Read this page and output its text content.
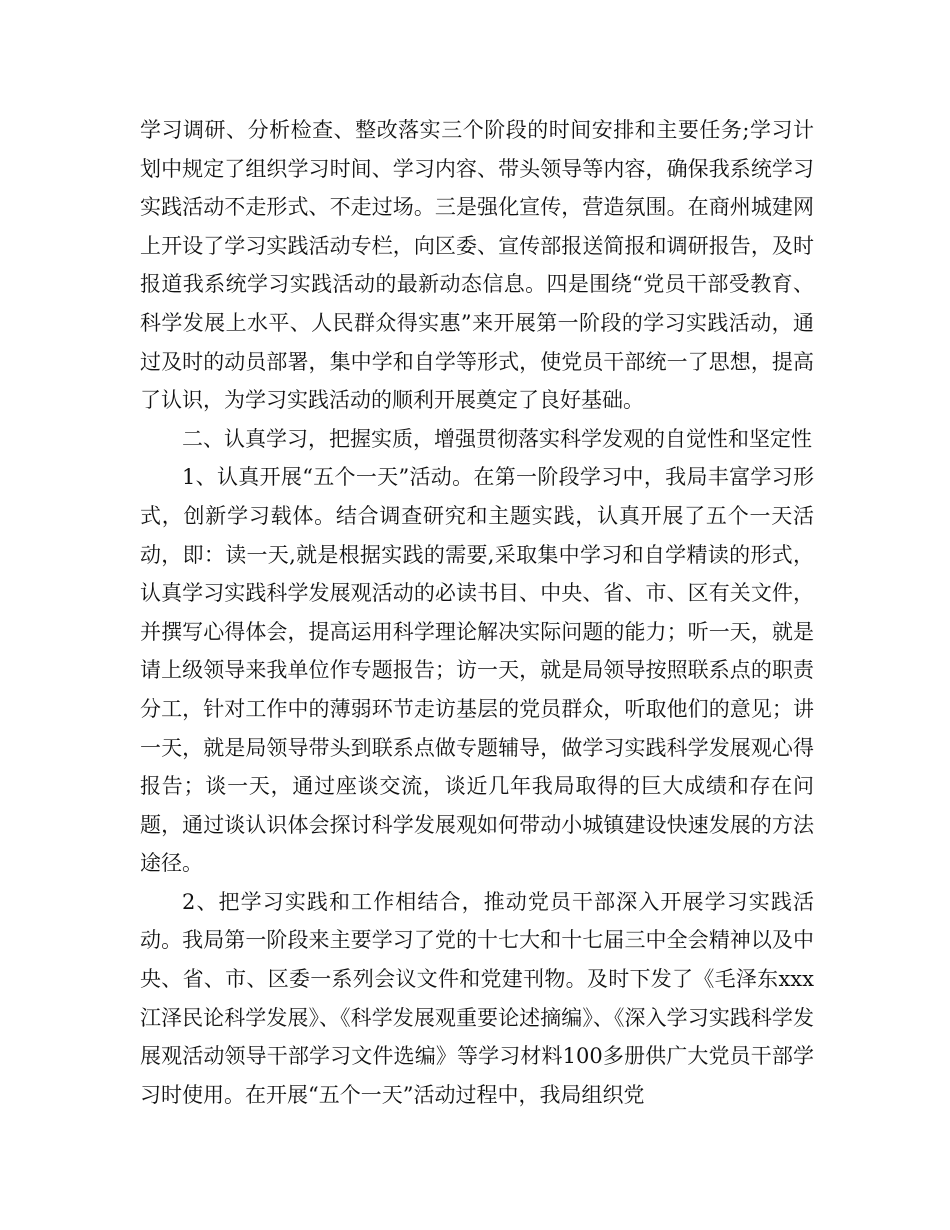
学习调研、分析检查、整改落实三个阶段的时间安排和主要任务;学习计划中规定了组织学习时间、学习内容、带头领导等内容，确保我系统学习实践活动不走形式、不走过场。三是强化宣传，营造氛围。在商州城建网上开设了学习实践活动专栏，向区委、宣传部报送简报和调研报告，及时报道我系统学习实践活动的最新动态信息。四是围绕“党员干部受教育、科学发展上水平、人民群众得实惠”来开展第一阶段的学习实践活动，通过及时的动员部署，集中学和自学等形式，使党员干部统一了思想，提高了认识，为学习实践活动的顺利开展奠定了良好基础。

二、认真学习，把握实质，增强贯彻落实科学发观的自觉性和坚定性

1、认真开展“五个一天”活动。在第一阶段学习中，我局丰富学习形式，创新学习载体。结合调查研究和主题实践，认真开展了五个一天活动，即：读一天,就是根据实践的需要,采取集中学习和自学精读的形式，认真学习实践科学发展观活动的必读书目、中央、省、市、区有关文件，并撰写心得体会，提高运用科学理论解决实际问题的能力；听一天，就是请上级领导来我单位作专题报告；访一天，就是局领导按照联系点的职责分工，针对工作中的薄弱环节走访基层的党员群众，听取他们的意见；讲一天，就是局领导带头到联系点做专题辅导，做学习实践科学发展观心得报告；谈一天，通过座谈交流，谈近几年我局取得的巨大成绩和存在问题，通过谈认识体会探讨科学发展观如何带动小城镇建设快速发展的方法途径。

2、把学习实践和工作相结合，推动党员干部深入开展学习实践活动。我局第一阶段来主要学习了党的十七大和十七届三中全会精神以及中央、省、市、区委一系列会议文件和党建刊物。及时下发了《毛泽东xxx江泽民论科学发展》、《科学发展观重要论述摘编》、《深入学习实践科学发展观活动领导干部学习文件选编》等学习材料100多册供广大党员干部学习时使用。在开展“五个一天”活动过程中，我局组织党
